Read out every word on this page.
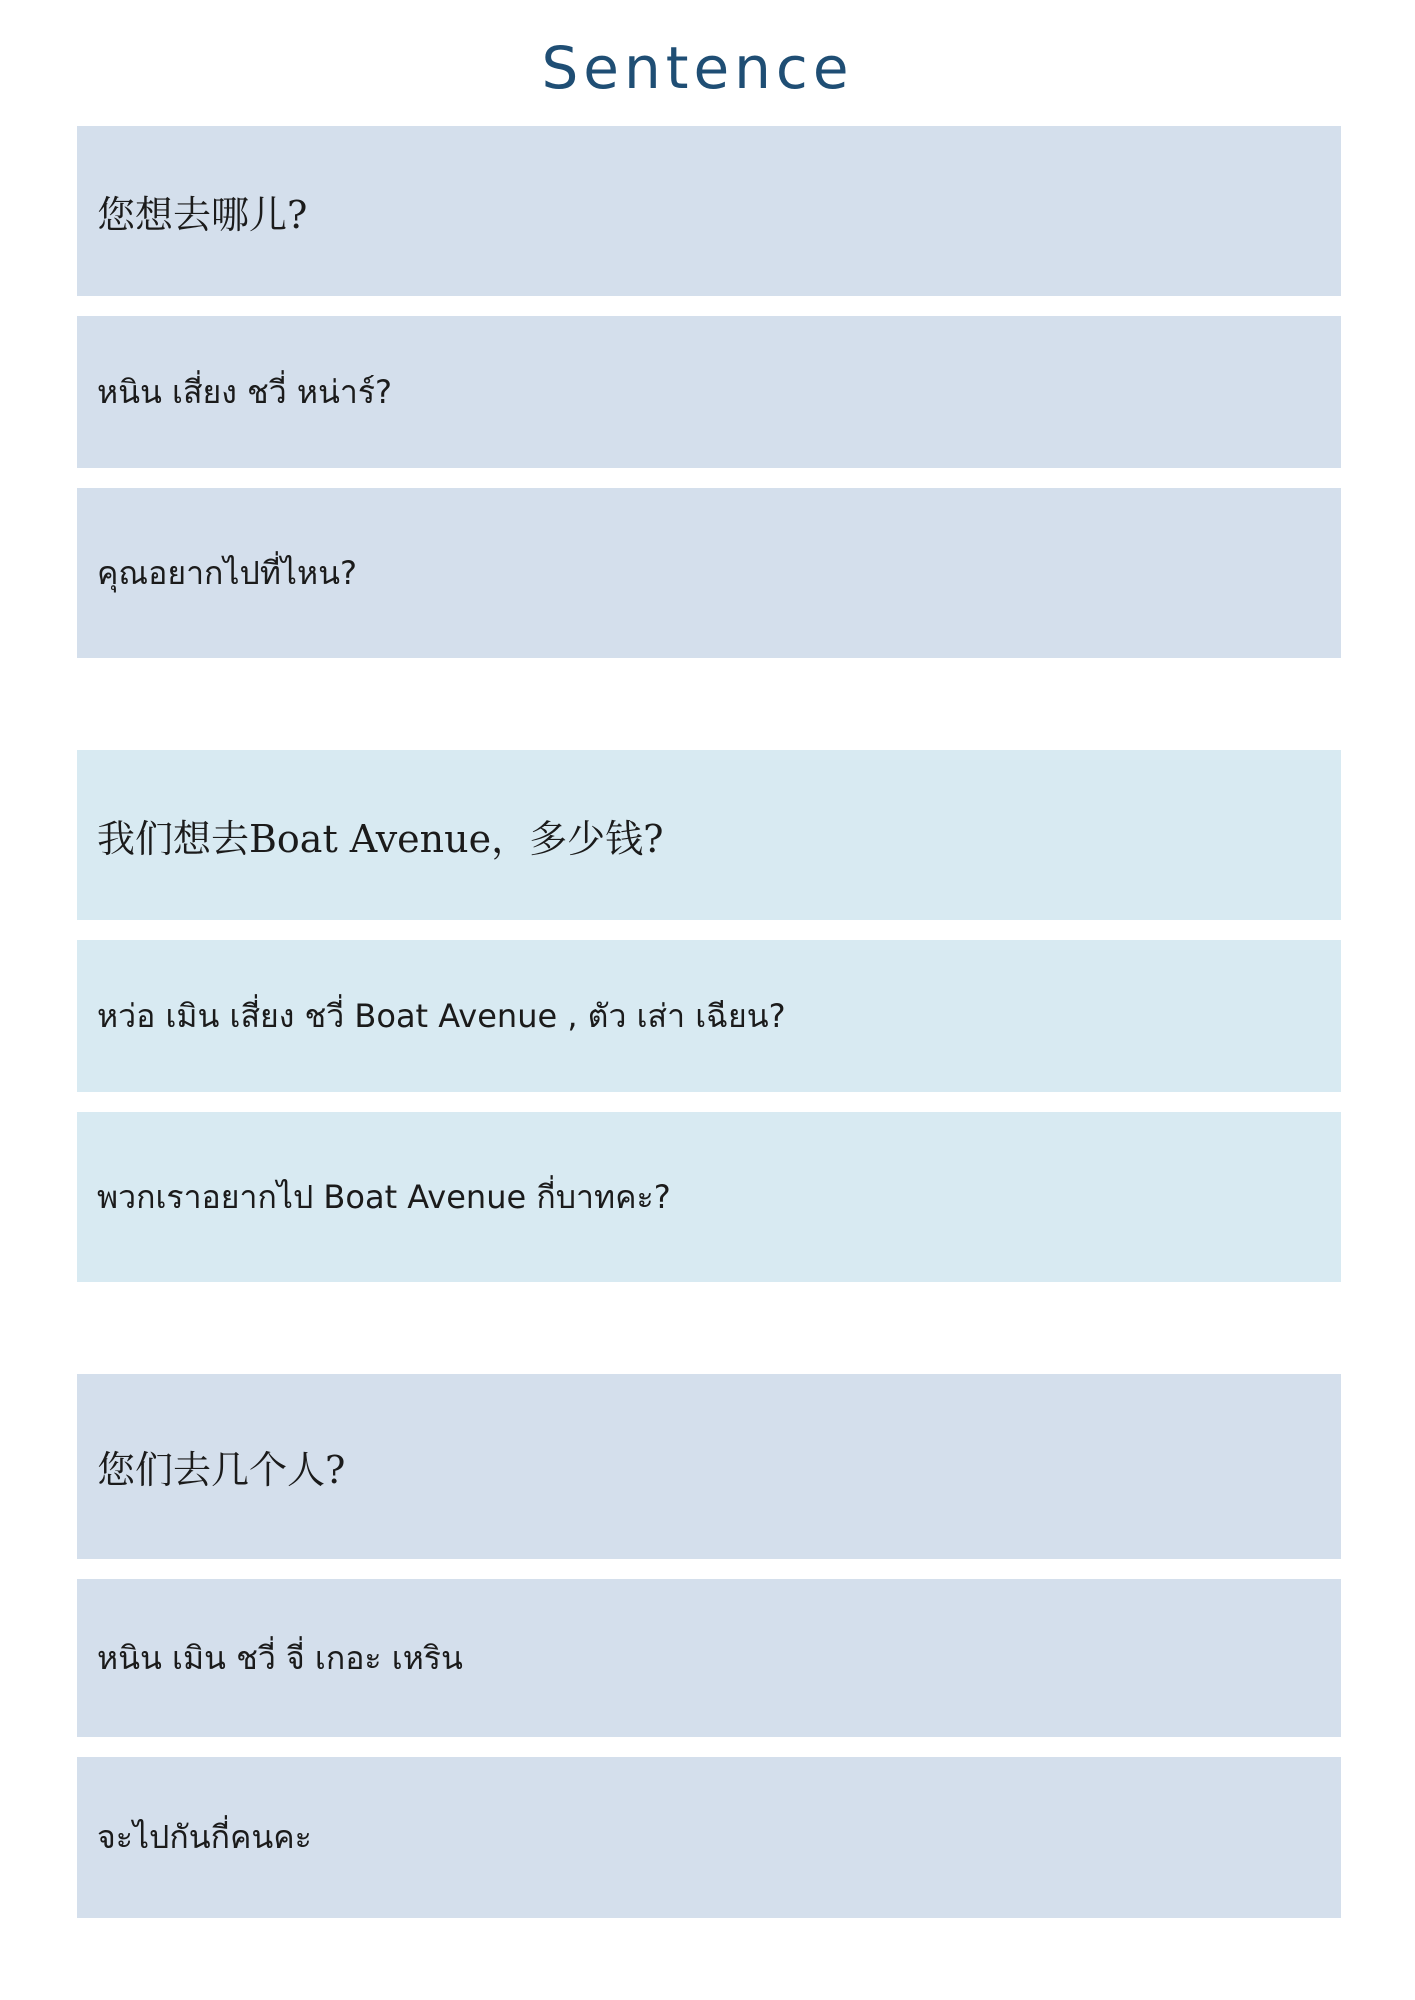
Sentence
您想去哪儿?
หนิน เสี่ยง ชวี่ หน่าร์?
คุณอยากไปที่ไหน?
我们想去Boat Avenue，多少钱?
หว่อ เมิน เสี่ยง ชวี่ Boat Avenue , ตัว เส่า เฉียน?
พวกเราอยากไป Boat Avenue กี่บาทคะ?
您们去几个人?
หนิน เมิน ชวี่ จี่ เกอะ เหริน
จะไปกันกี่คนคะ
